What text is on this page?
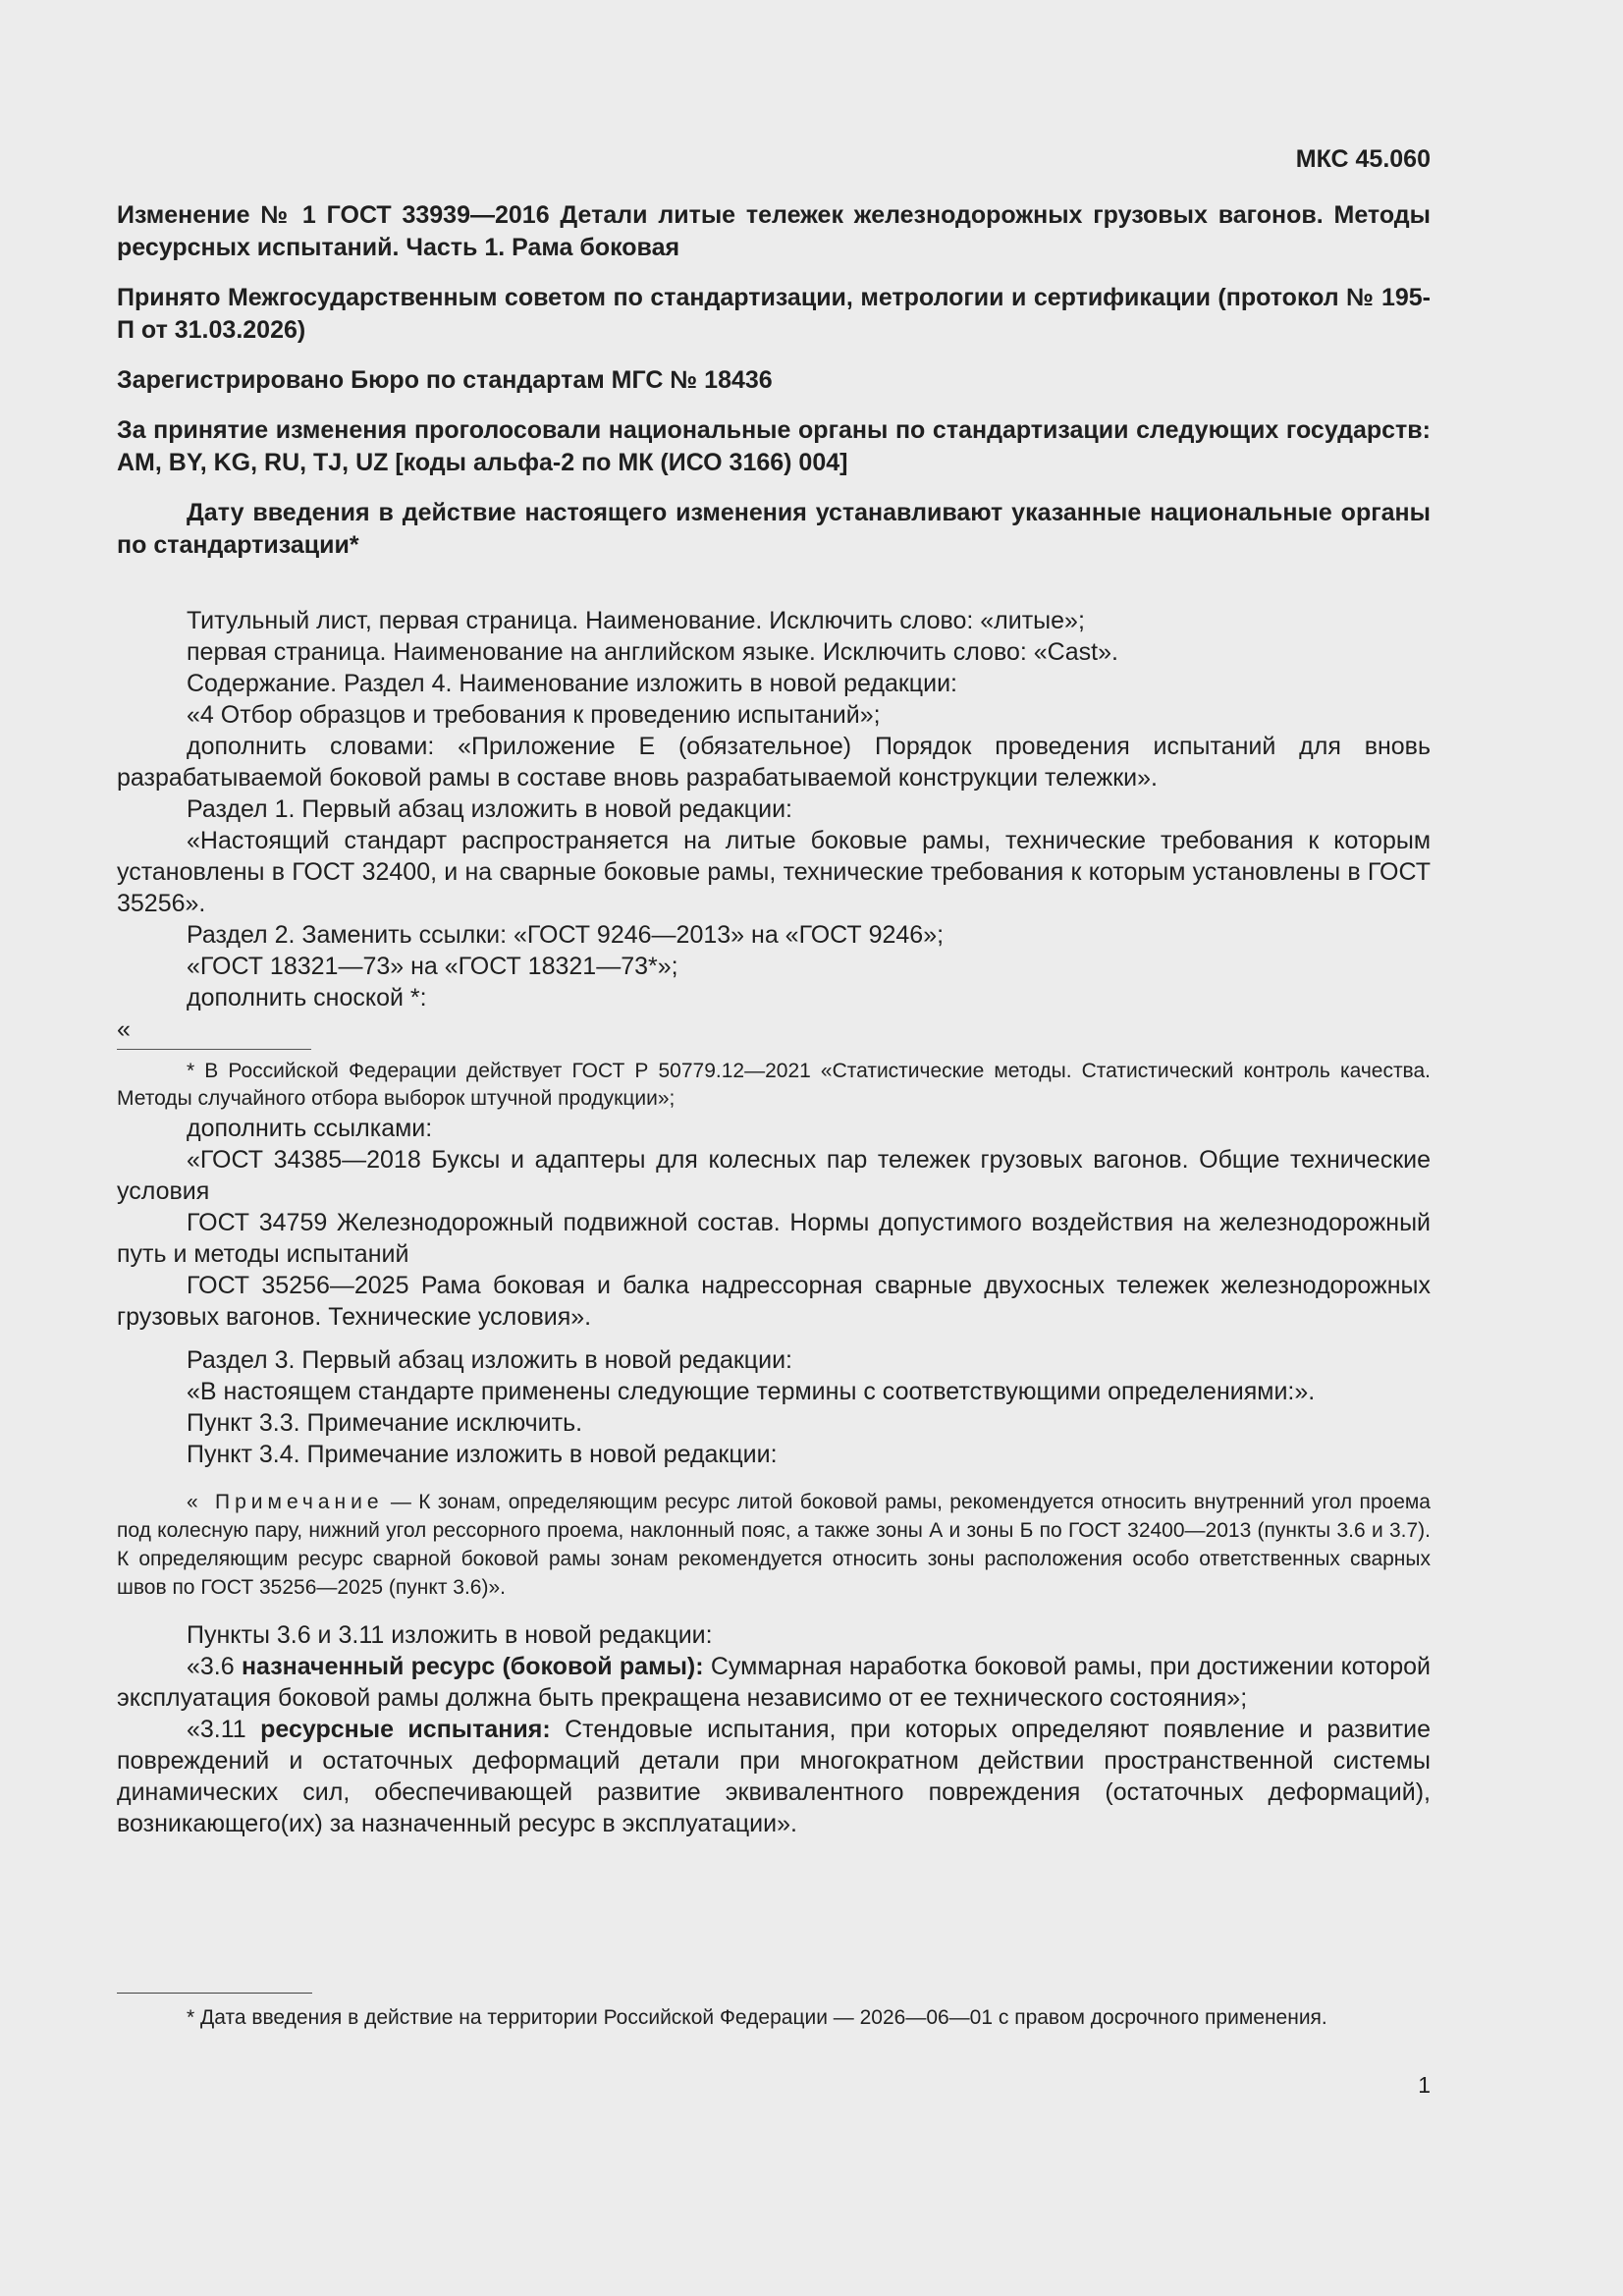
МКС 45.060
Изменение № 1 ГОСТ 33939—2016 Детали литые тележек железнодорожных грузовых вагонов. Методы ресурсных испытаний. Часть 1. Рама боковая
Принято Межгосударственным советом по стандартизации, метрологии и сертификации (протокол № 195-П от 31.03.2026)
Зарегистрировано Бюро по стандартам МГС № 18436
За принятие изменения проголосовали национальные органы по стандартизации следующих государств: AM, BY, KG, RU, TJ, UZ [коды альфа-2 по МК (ИСО 3166) 004]
Дату введения в действие настоящего изменения устанавливают указанные национальные органы по стандартизации*

Титульный лист, первая страница. Наименование. Исключить слово: «литые»;

первая страница. Наименование на английском языке. Исключить слово: «Cast».

Содержание. Раздел 4. Наименование изложить в новой редакции:

«4 Отбор образцов и требования к проведению испытаний»;

дополнить словами: «Приложение Е (обязательное) Порядок проведения испытаний для вновь разрабатываемой боковой рамы в составе вновь разрабатываемой конструкции тележки».

Раздел 1. Первый абзац изложить в новой редакции:

«Настоящий стандарт распространяется на литые боковые рамы, технические требования к которым установлены в ГОСТ 32400, и на сварные боковые рамы, технические требования к которым установлены в ГОСТ 35256».

Раздел 2. Заменить ссылки: «ГОСТ 9246—2013» на «ГОСТ 9246»;

«ГОСТ 18321—73» на «ГОСТ 18321—73*»;

дополнить сноской *:

«

* В Российской Федерации действует ГОСТ Р 50779.12—2021 «Статистические методы. Статистический контроль качества. Методы случайного отбора выборок штучной продукции»;

дополнить ссылками:

«ГОСТ 34385—2018 Буксы и адаптеры для колесных пар тележек грузовых вагонов. Общие технические условия

ГОСТ 34759 Железнодорожный подвижной состав. Нормы допустимого воздействия на железнодорожный путь и методы испытаний

ГОСТ 35256—2025 Рама боковая и балка надрессорная сварные двухосных тележек железнодорожных грузовых вагонов. Технические условия».

Раздел 3. Первый абзац изложить в новой редакции:

«В настоящем стандарте применены следующие термины с соответствующими определениями:».

Пункт 3.3. Примечание исключить.

Пункт 3.4. Примечание изложить в новой редакции:

« Примечание — К зонам, определяющим ресурс литой боковой рамы, рекомендуется относить внутренний угол проема под колесную пару, нижний угол рессорного проема, наклонный пояс, а также зоны А и зоны Б по ГОСТ 32400—2013 (пункты 3.6 и 3.7). К определяющим ресурс сварной боковой рамы зонам рекомендуется относить зоны расположения особо ответственных сварных швов по ГОСТ 35256—2025 (пункт 3.6)».

Пункты 3.6 и 3.11 изложить в новой редакции:

«3.6 назначенный ресурс (боковой рамы): Суммарная наработка боковой рамы, при достижении которой эксплуатация боковой рамы должна быть прекращена независимо от ее технического состояния»;

«3.11 ресурсные испытания: Стендовые испытания, при которых определяют появление и развитие повреждений и остаточных деформаций детали при многократном действии пространственной системы динамических сил, обеспечивающей развитие эквивалентного повреждения (остаточных деформаций), возникающего(их) за назначенный ресурс в эксплуатации».

* Дата введения в действие на территории Российской Федерации — 2026—06—01 с правом досрочного применения.
1
